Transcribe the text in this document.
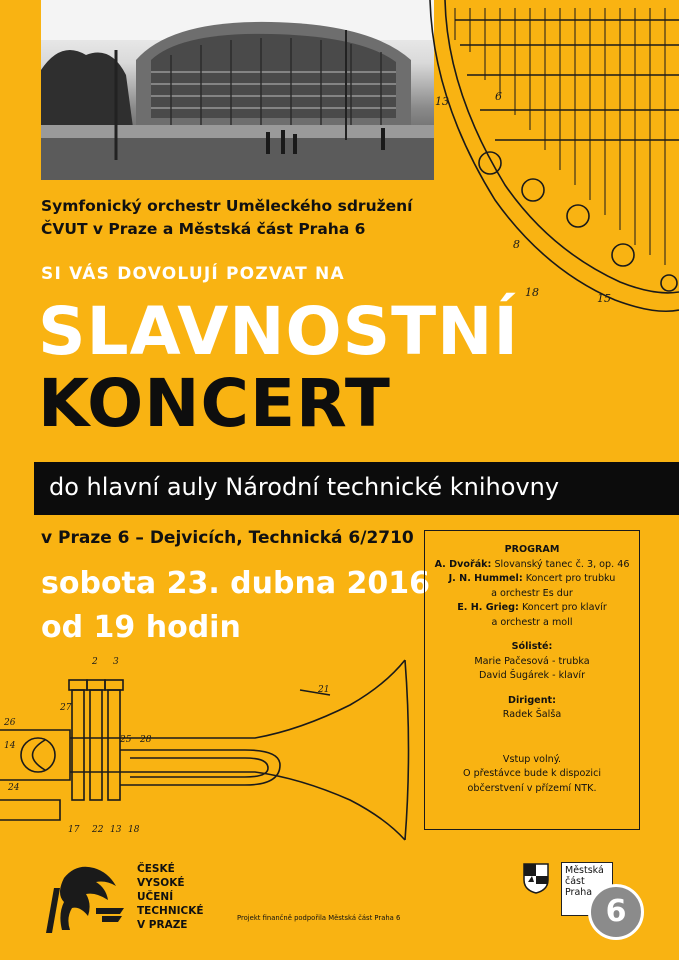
13	6
8
18	15
Symfonický orchestr Uměleckého sdružení
ČVUT v Praze a Městská část Praha 6
SI VÁS DOVOLUJÍ POZVAT NA
SLAVNOSTNÍ
KONCERT
do hlavní auly Národní technické knihovny
v Praze 6 – Dejvicích, Technická 6/2710
sobota 23. dubna 2016
od 19 hodin
PROGRAM
A. Dvořák: Slovanský tanec č. 3, op. 46
J. N. Hummel: Koncert pro trubku
a orchestr Es dur
E. H. Grieg: Koncert pro klavír
a orchestr a moll
Sólisté:
Marie Pačesová - trubka
David Šugárek - klavír
Dirigent:
Radek Šalša
Vstup volný.
O přestávce bude k dispozici
občerstvení v přízemí NTK.
2 3
21
27
26
14
24
25 28
17 22 13 18
ČESKÉ
VYSOKÉ
UČENÍ
TECHNICKÉ
V PRAZE
Projekt finančně podpořila Městská část Praha 6
Městská
část
Praha
6
